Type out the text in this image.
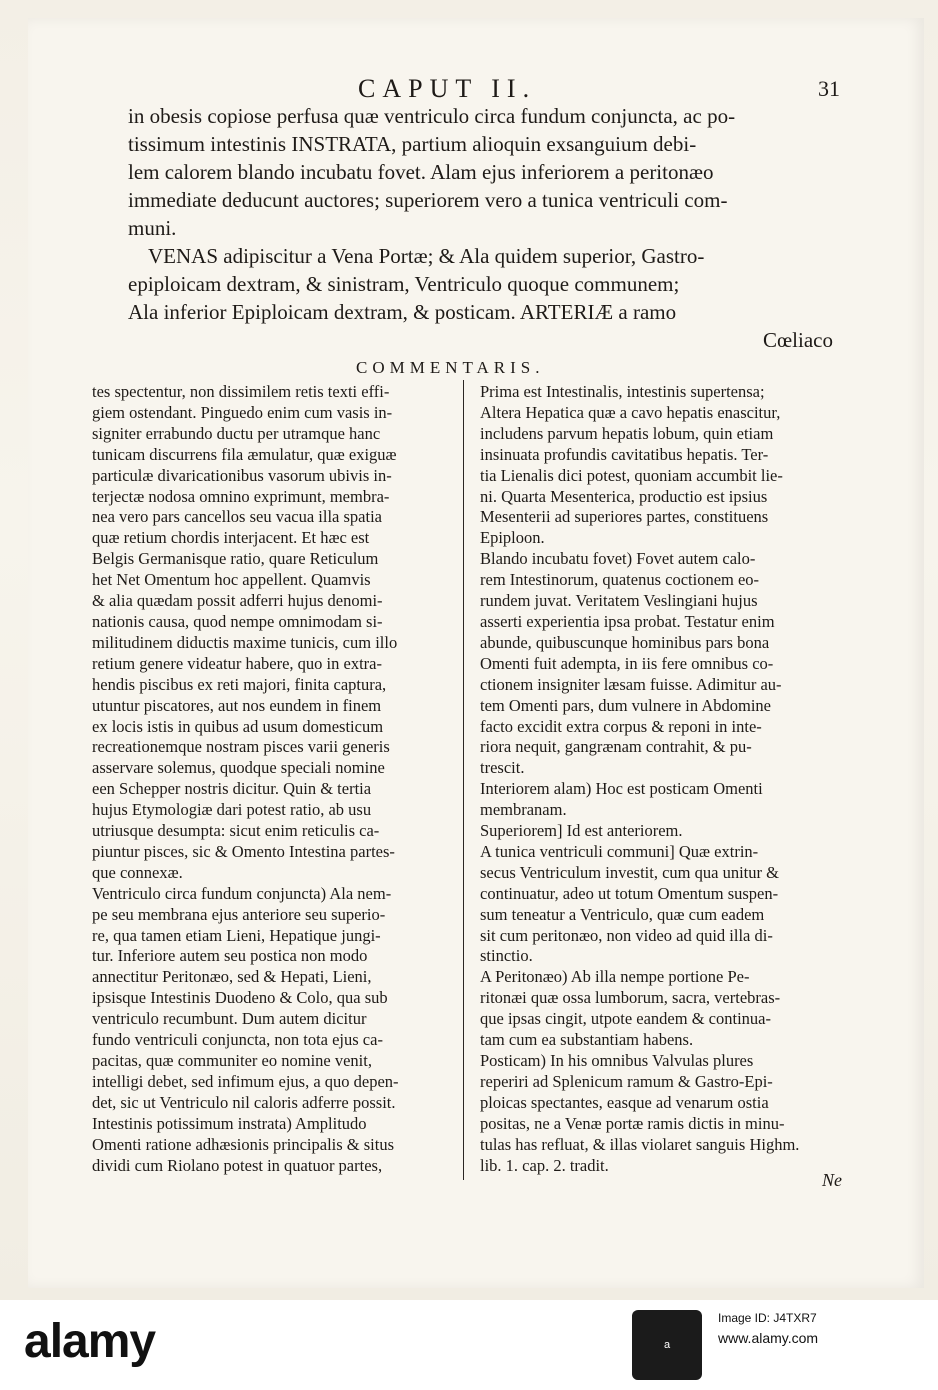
CAPUT II.	31
in obesis copiose perfusa quæ ventriculo circa fundum conjuncta, ac po-
tissimum intestinis INSTRATA, partium alioquin exsanguium debi-
lem calorem blando incubatu fovet. Alam ejus inferiorem a peritonæo
immediate deducunt auctores; superiorem vero a tunica ventriculi com-
muni.
VENAS adipiscitur a Vena Portæ; & Ala quidem superior, Gastro-
epiploicam dextram, & sinistram, Ventriculo quoque communem;
Ala inferior Epiploicam dextram, & posticam. ARTERIÆ a ramo
Cœliaco
COMMENTARIS.
tes spectentur, non dissimilem retis texti effi-
giem ostendant. Pinguedo enim cum vasis in-
signiter errabundo ductu per utramque hanc
tunicam discurrens fila æmulatur, quæ exiguæ
particulæ divaricationibus vasorum ubivis in-
terjectæ nodosa omnino exprimunt, membra-
nea vero pars cancellos seu vacua illa spatia
quæ retium chordis interjacent. Et hæc est
Belgis Germanisque ratio, quare Reticulum
het Net Omentum hoc appellent. Quamvis
& alia quædam possit adferri hujus denomi-
nationis causa, quod nempe omnimodam si-
militudinem diductis maxime tunicis, cum illo
retium genere videatur habere, quo in extra-
hendis piscibus ex reti majori, finita captura,
utuntur piscatores, aut nos eundem in finem
ex locis istis in quibus ad usum domesticum
recreationemque nostram pisces varii generis
asservare solemus, quodque speciali nomine
een Schepper nostris dicitur. Quin & tertia
hujus Etymologiæ dari potest ratio, ab usu
utriusque desumpta: sicut enim reticulis ca-
piuntur pisces, sic & Omento Intestina partes-
que connexæ.
Ventriculo circa fundum conjuncta) Ala nem-
pe seu membrana ejus anteriore seu superio-
re, qua tamen etiam Lieni, Hepatique jungi-
tur. Inferiore autem seu postica non modo
annectitur Peritonæo, sed & Hepati, Lieni,
ipsisque Intestinis Duodeno & Colo, qua sub
ventriculo recumbunt. Dum autem dicitur
fundo ventriculi conjuncta, non tota ejus ca-
pacitas, quæ communiter eo nomine venit,
intelligi debet, sed infimum ejus, a quo depen-
det, sic ut Ventriculo nil caloris adferre possit.
Intestinis potissimum instrata) Amplitudo
Omenti ratione adhæsionis principalis & situs
dividi cum Riolano potest in quatuor partes,
Prima est Intestinalis, intestinis supertensa;
Altera Hepatica quæ a cavo hepatis enascitur,
includens parvum hepatis lobum, quin etiam
insinuata profundis cavitatibus hepatis. Ter-
tia Lienalis dici potest, quoniam accumbit lie-
ni. Quarta Mesenterica, productio est ipsius
Mesenterii ad superiores partes, constituens
Epiploon.
Blando incubatu fovet) Fovet autem calo-
rem Intestinorum, quatenus coctionem eo-
rundem juvat. Veritatem Veslingiani hujus
asserti experientia ipsa probat. Testatur enim
abunde, quibuscunque hominibus pars bona
Omenti fuit adempta, in iis fere omnibus co-
ctionem insigniter læsam fuisse. Adimitur au-
tem Omenti pars, dum vulnere in Abdomine
facto excidit extra corpus & reponi in inte-
riora nequit, gangrænam contrahit, & pu-
trescit.
Interiorem alam) Hoc est posticam Omenti
membranam.
Superiorem] Id est anteriorem.
A tunica ventriculi communi] Quæ extrin-
secus Ventriculum investit, cum qua unitur &
continuatur, adeo ut totum Omentum suspen-
sum teneatur a Ventriculo, quæ cum eadem
sit cum peritonæo, non video ad quid illa di-
stinctio.
A Peritonæo) Ab illa nempe portione Pe-
ritonæi quæ ossa lumborum, sacra, vertebras-
que ipsas cingit, utpote eandem & continua-
tam cum ea substantiam habens.
Posticam) In his omnibus Valvulas plures
reperiri ad Splenicum ramum & Gastro-Epi-
ploicas spectantes, easque ad venarum ostia
positas, ne a Venæ portæ ramis dictis in minu-
tulas has refluat, & illas violaret sanguis Highm.
lib. 1. cap. 2. tradit.
Ne
alamy	a
Image ID: J4TXR7
www.alamy.com
